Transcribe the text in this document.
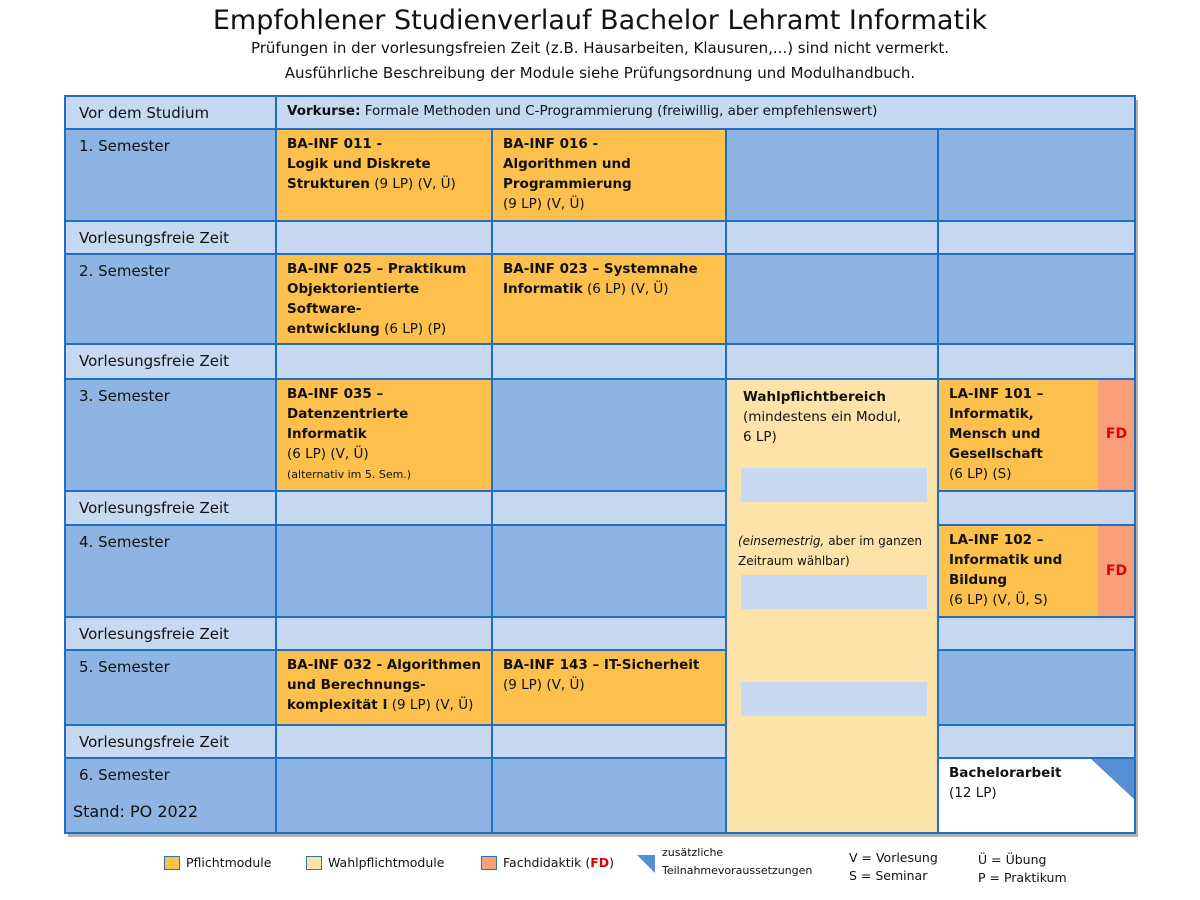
Empfohlener Studienverlauf Bachelor Lehramt Informatik
Prüfungen in der vorlesungsfreien Zeit (z.B. Hausarbeiten, Klausuren,...) sind nicht vermerkt.
Ausführliche Beschreibung der Module siehe Prüfungsordnung und Modulhandbuch.
Vor dem Studium
1. Semester
Vorlesungsfreie Zeit
2. Semester
Vorlesungsfreie Zeit
3. Semester
Vorlesungsfreie Zeit
4. Semester
Vorlesungsfreie Zeit
5. Semester
Vorlesungsfreie Zeit
6. Semester
Stand: PO 2022
Vorkurse: Formale Methoden und C-Programmierung (freiwillig, aber empfehlenswert)
BA-INF 011 -
Logik und Diskrete
Strukturen (9 LP) (V, Ü)
BA-INF 016 -
Algorithmen und
Programmierung
(9 LP) (V, Ü)
BA-INF 025 – Praktikum
Objektorientierte Software-
entwicklung (6 LP) (P)

BA-INF 023 – Systemnahe
Informatik (6 LP) (V, Ü)
BA-INF 035 –
Datenzentrierte Informatik
(6 LP) (V, Ü)
(alternativ im 5. Sem.)
Wahlpflichtbereich
(mindestens ein Modul,
6 LP)
(einsemestrig, aber im ganzen
Zeitraum wählbar)
LA-INF 101 –
Informatik,
Mensch und
Gesellschaft
(6 LP) (S)
FD
LA-INF 102 –
Informatik und
Bildung
(6 LP) (V, Ü, S)
FD
BA-INF 032 - Algorithmen
und Berechnungs-
komplexität I (9 LP) (V, Ü)
BA-INF 143 – IT-Sicherheit
(9 LP) (V, Ü)
Bachelorarbeit
(12 LP)
Pflichtmodule	Wahlpflichtmodule	Fachdidaktik (FD)
zusätzliche
Teilnahmevoraussetzungen
V = Vorlesung
S = Seminar
Ü = Übung
P = Praktikum
